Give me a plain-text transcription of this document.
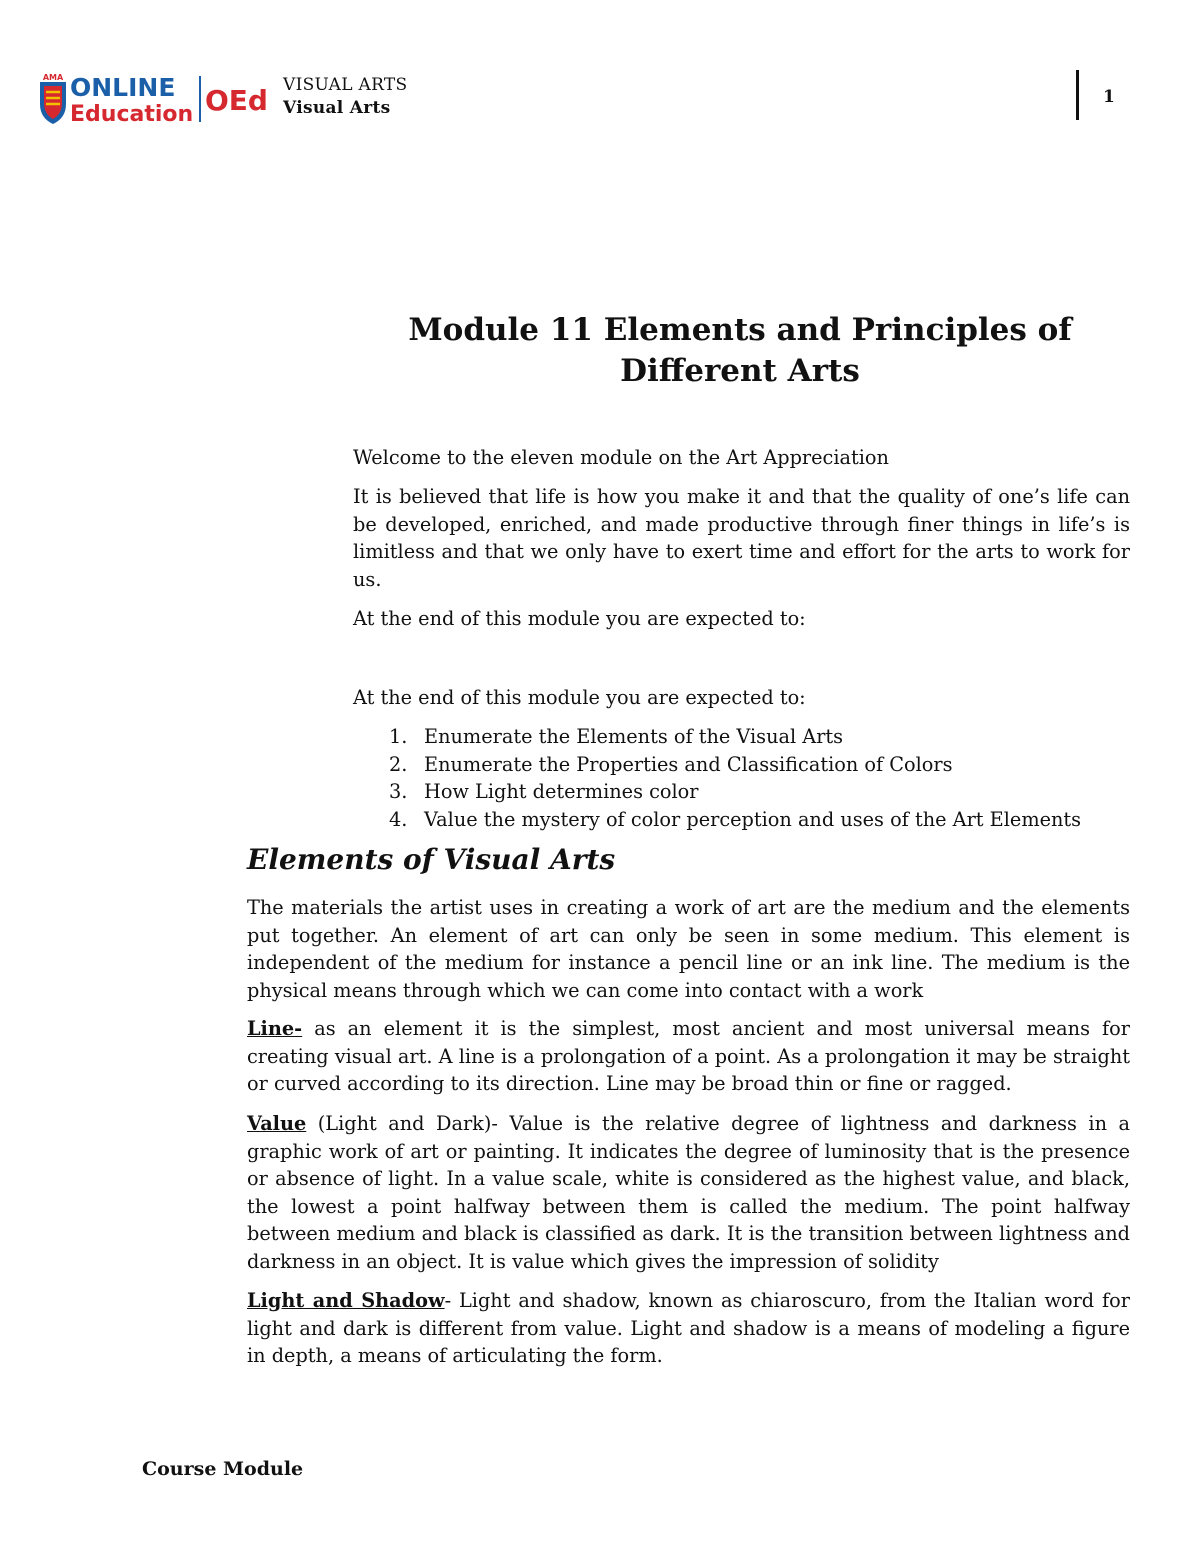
AMA ONLINE
Education OEd VISUAL ARTS
Visual Arts
1
Module 11 Elements and Principles of Different Arts

Welcome to the eleven module on the Art Appreciation

It is believed that life is how you make it and that the quality of one’s life can be developed, enriched, and made productive through finer things in life’s is limitless and that we only have to exert time and effort for the arts to work for us.

At the end of this module you are expected to:

At the end of this module you are expected to:

1. Enumerate the Elements of the Visual Arts
2. Enumerate the Properties and Classification of Colors
3. How Light determines color
4. Value the mystery of color perception and uses of the Art Elements
Elements of Visual Arts

The materials the artist uses in creating a work of art are the medium and the elements put together. An element of art can only be seen in some medium. This element is independent of the medium for instance a pencil line or an ink line. The medium is the physical means through which we can come into contact with a work

Line- as an element it is the simplest, most ancient and most universal means for creating visual art. A line is a prolongation of a point. As a prolongation it may be straight or curved according to its direction. Line may be broad thin or fine or ragged.

Value (Light and Dark)- Value is the relative degree of lightness and darkness in a graphic work of art or painting. It indicates the degree of luminosity that is the presence or absence of light. In a value scale, white is considered as the highest value, and black, the lowest a point halfway between them is called the medium. The point halfway between medium and black is classified as dark. It is the transition between lightness and darkness in an object. It is value which gives the impression of solidity

Light and Shadow- Light and shadow, known as chiaroscuro, from the Italian word for light and dark is different from value. Light and shadow is a means of modeling a figure in depth, a means of articulating the form.

Course Module
